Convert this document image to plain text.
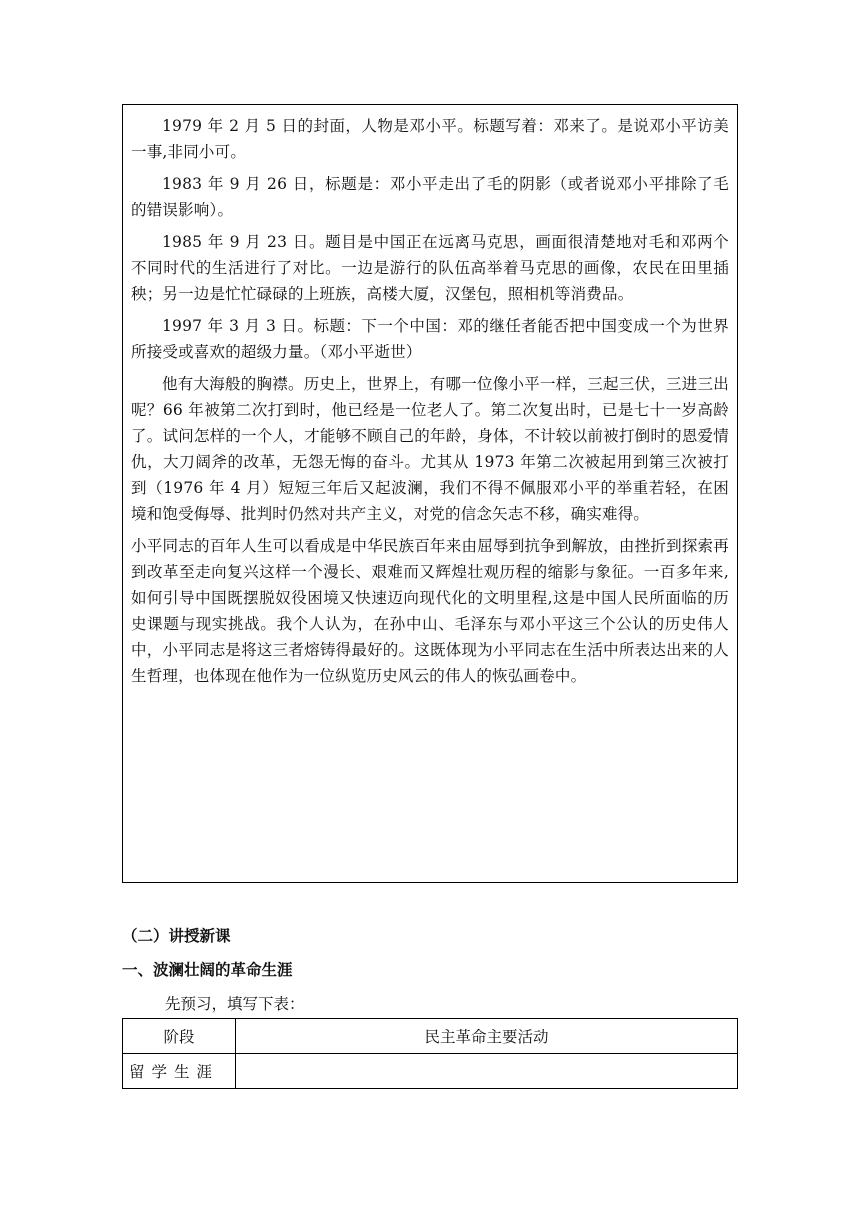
1979 年 2 月 5 日的封面，人物是邓小平。标题写着：邓来了。是说邓小平访美一事,非同小可。

1983 年 9 月 26 日，标题是：邓小平走出了毛的阴影（或者说邓小平排除了毛的错误影响）。

1985 年 9 月 23 日。题目是中国正在远离马克思，画面很清楚地对毛和邓两个不同时代的生活进行了对比。一边是游行的队伍高举着马克思的画像，农民在田里插秧；另一边是忙忙碌碌的上班族，高楼大厦，汉堡包，照相机等消费品。

1997 年 3 月 3 日。标题：下一个中国：邓的继任者能否把中国变成一个为世界所接受或喜欢的超级力量。（邓小平逝世）

他有大海般的胸襟。历史上，世界上，有哪一位像小平一样，三起三伏，三进三出呢？66 年被第二次打到时，他已经是一位老人了。第二次复出时，已是七十一岁高龄了。试问怎样的一个人，才能够不顾自己的年龄，身体，不计较以前被打倒时的恩爱情仇，大刀阔斧的改革，无怨无悔的奋斗。尤其从 1973 年第二次被起用到第三次被打到（1976 年 4 月）短短三年后又起波澜，我们不得不佩服邓小平的举重若轻，在困境和饱受侮辱、批判时仍然对共产主义，对党的信念矢志不移，确实难得。

小平同志的百年人生可以看成是中华民族百年来由屈辱到抗争到解放，由挫折到探索再到改革至走向复兴这样一个漫长、艰难而又辉煌壮观历程的缩影与象征。一百多年来,如何引导中国既摆脱奴役困境又快速迈向现代化的文明里程,这是中国人民所面临的历史课题与现实挑战。我个人认为，在孙中山、毛泽东与邓小平这三个公认的历史伟人中，小平同志是将这三者熔铸得最好的。这既体现为小平同志在生活中所表达出来的人生哲理，也体现在他作为一位纵览历史风云的伟人的恢弘画卷中。

（二）讲授新课

一、波澜壮阔的革命生涯

先预习，填写下表：

阶段	民主革命主要活动
留学生涯	
